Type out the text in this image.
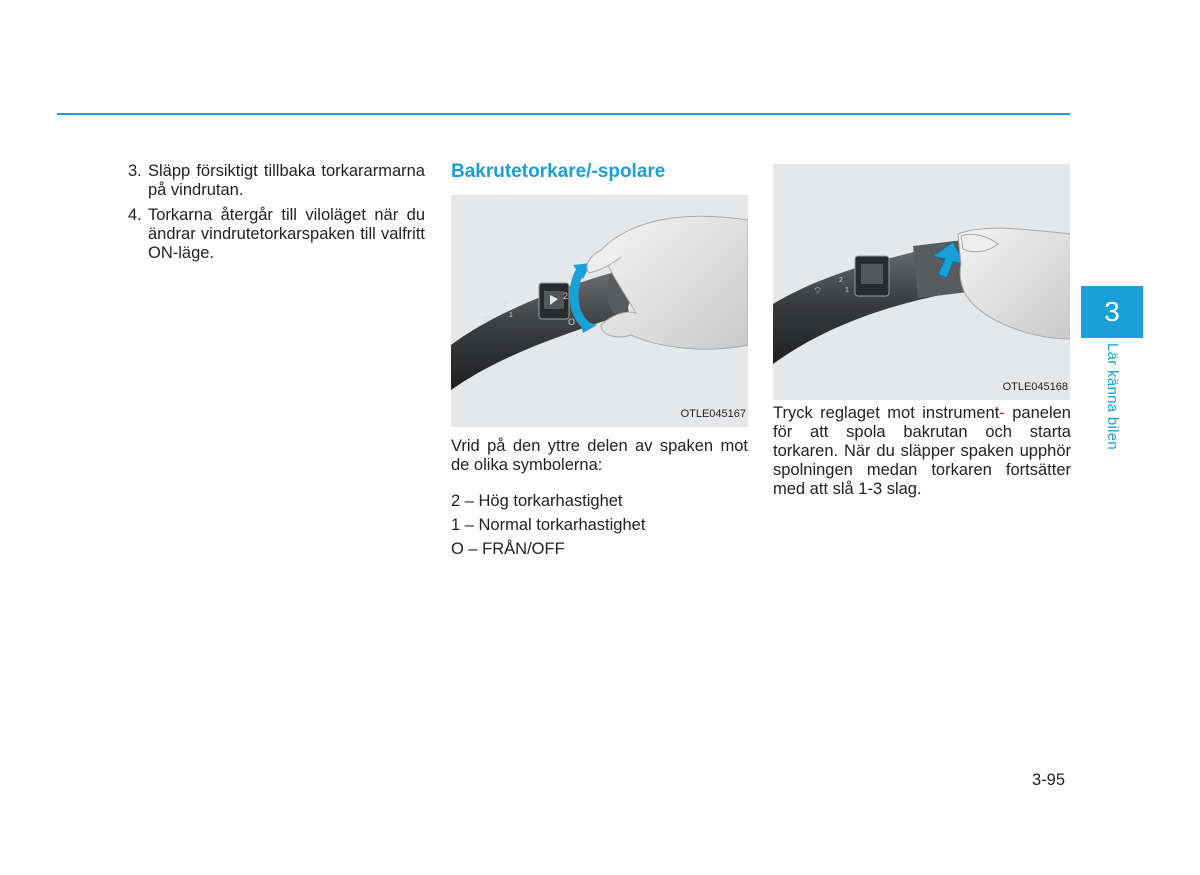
3. Släpp försiktigt tillbaka torkararmarna på vindrutan.
4. Torkarna återgår till viloläget när du ändrar vindrutetorkarspaken till valfritt ON-läge.
Bakrutetorkare/-spolare
⌔
2
1
2
O
OTLE045167

Vrid på den yttre delen av spaken mot de olika symbolerna:

2 – Hög torkarhastighet

1 – Normal torkarhastighet

O – FRÅN/OFF

⌔
2
1
OTLE045168

Tryck reglaget mot instrument- panelen för att spola bakrutan och starta torkaren. När du släpper spaken upphör spolningen medan torkaren fortsätter med att slå 1-3 slag.

3
Lär känna bilen
3-95
